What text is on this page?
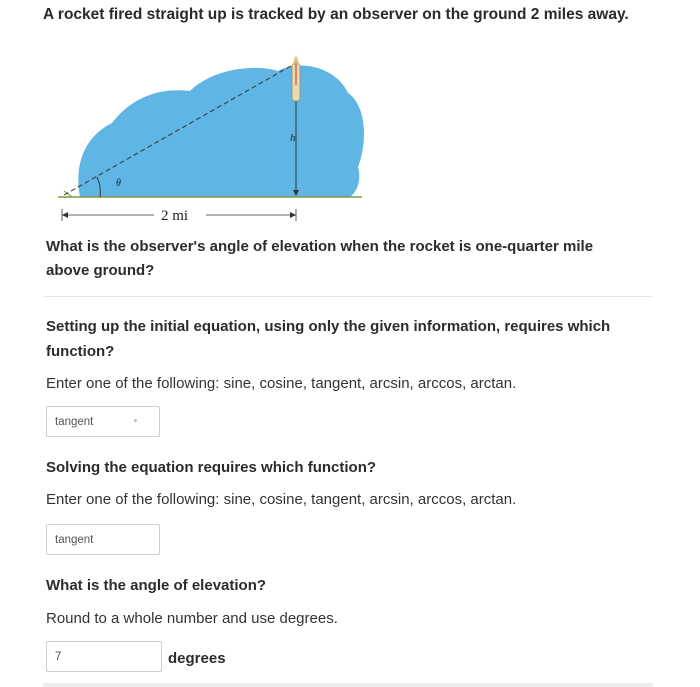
A rocket fired straight up is tracked by an observer on the ground 2 miles away.
h
θ
2 mi
What is the observer's angle of elevation when the rocket is one-quarter mile
above ground?
Setting up the initial equation, using only the given information, requires which
function?
Enter one of the following: sine, cosine, tangent, arcsin, arccos, arctan.
tangent
Solving the equation requires which function?
Enter one of the following: sine, cosine, tangent, arcsin, arccos, arctan.
tangent
What is the angle of elevation?
Round to a whole number and use degrees.
7	degrees
